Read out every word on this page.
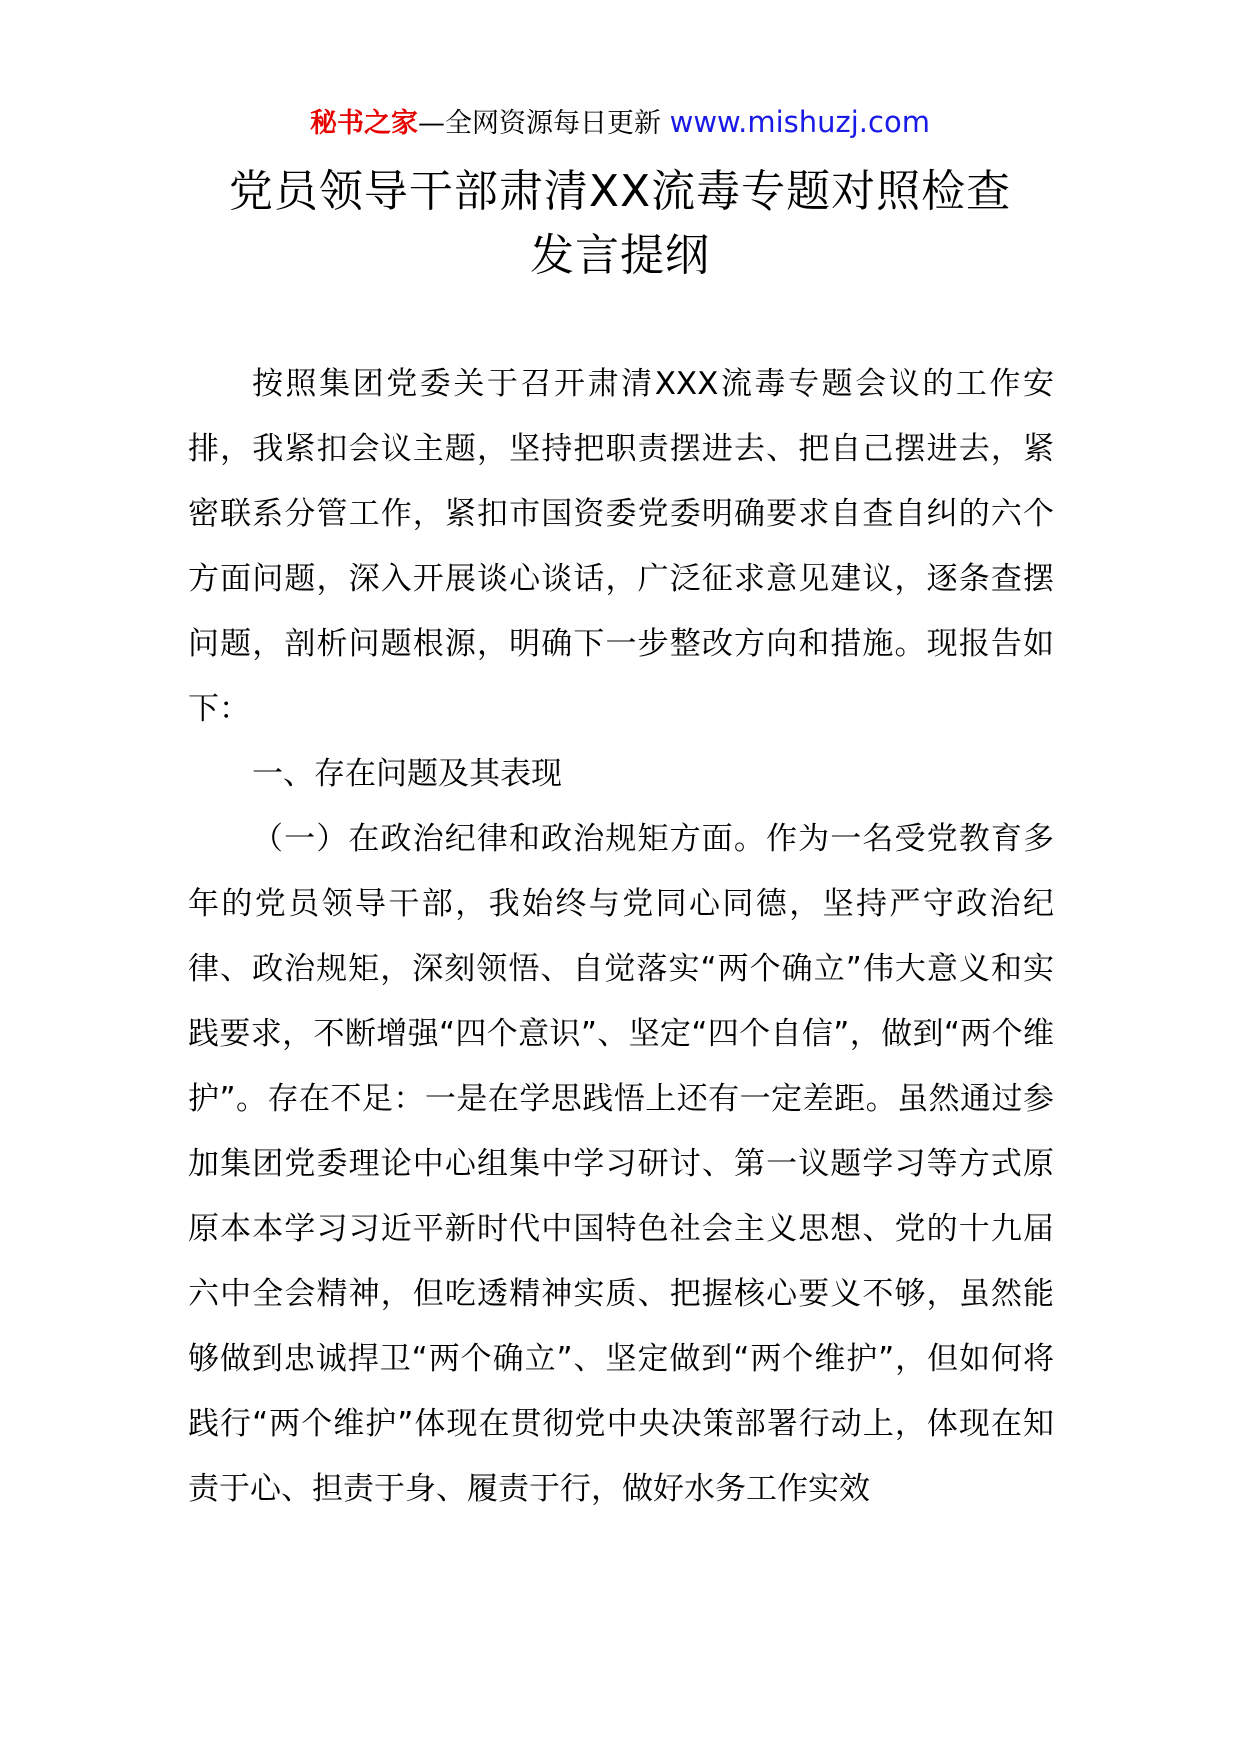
秘书之家—全网资源每日更新 www.mishuzj.com
党员领导干部肃清XX流毒专题对照检查
发言提纲

按照集团党委关于召开肃清XXX流毒专题会议的工作安排，我紧扣会议主题，坚持把职责摆进去、把自己摆进去，紧密联系分管工作，紧扣市国资委党委明确要求自查自纠的六个方面问题，深入开展谈心谈话，广泛征求意见建议，逐条查摆问题，剖析问题根源，明确下一步整改方向和措施。现报告如下：

一、存在问题及其表现

（一）在政治纪律和政治规矩方面。作为一名受党教育多年的党员领导干部，我始终与党同心同德，坚持严守政治纪律、政治规矩，深刻领悟、自觉落实“两个确立”伟大意义和实践要求，不断增强“四个意识”、坚定“四个自信”，做到“两个维护”。存在不足：一是在学思践悟上还有一定差距。虽然通过参加集团党委理论中心组集中学习研讨、第一议题学习等方式原原本本学习习近平新时代中国特色社会主义思想、党的十九届六中全会精神，但吃透精神实质、把握核心要义不够，虽然能够做到忠诚捍卫“两个确立”、坚定做到“两个维护”，但如何将践行“两个维护”体现在贯彻党中央决策部署行动上，体现在知责于心、担责于身、履责于行，做好水务工作实效
